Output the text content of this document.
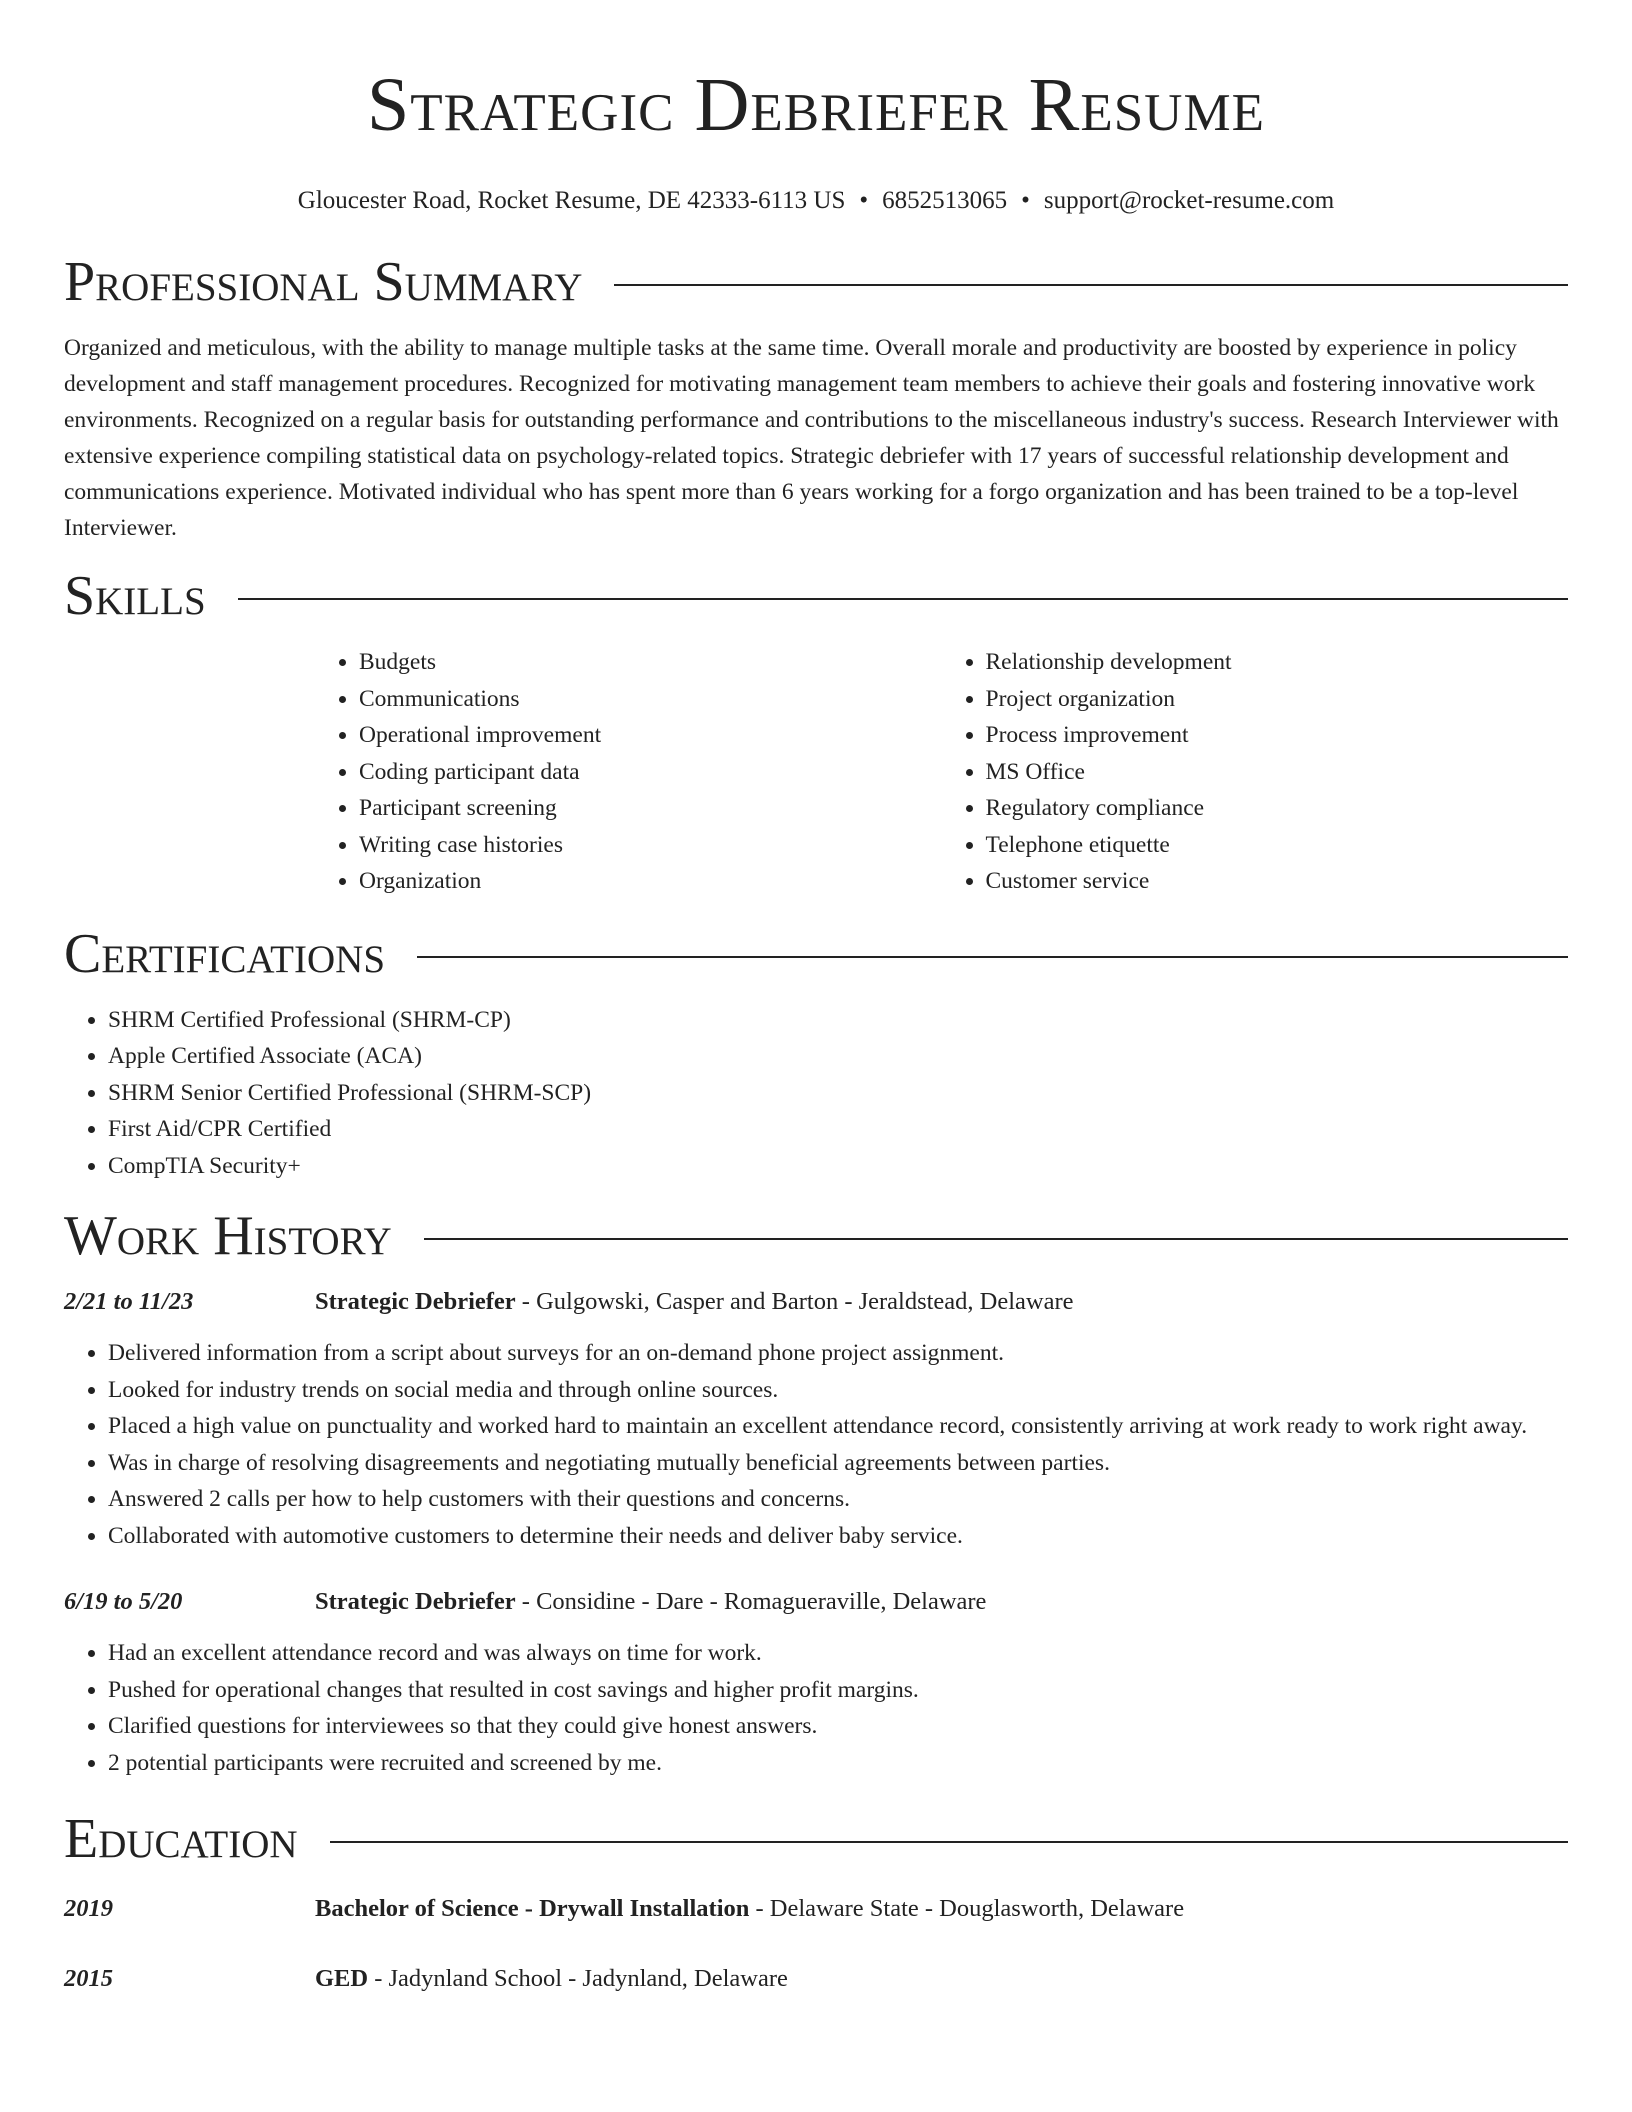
Strategic Debriefer Resume
Gloucester Road, Rocket Resume, DE 42333-6113 US • 6852513065 • support@rocket-resume.com
Professional Summary

Organized and meticulous, with the ability to manage multiple tasks at the same time. Overall morale and productivity are boosted by experience in policy development and staff management procedures. Recognized for motivating management team members to achieve their goals and fostering innovative work environments. Recognized on a regular basis for outstanding performance and contributions to the miscellaneous industry's success. Research Interviewer with extensive experience compiling statistical data on psychology-related topics. Strategic debriefer with 17 years of successful relationship development and communications experience. Motivated individual who has spent more than 6 years working for a forgo organization and has been trained to be a top-level Interviewer.

Skills
• Budgets
• Communications
• Operational improvement
• Coding participant data
• Participant screening
• Writing case histories
• Organization
• Relationship development
• Project organization
• Process improvement
• MS Office
• Regulatory compliance
• Telephone etiquette
• Customer service
Certifications
• SHRM Certified Professional (SHRM-CP)
• Apple Certified Associate (ACA)
• SHRM Senior Certified Professional (SHRM-SCP)
• First Aid/CPR Certified
• CompTIA Security+
Work History
2/21 to 11/23	Strategic Debriefer - Gulgowski, Casper and Barton - Jeraldstead, Delaware
• Delivered information from a script about surveys for an on-demand phone project assignment.
• Looked for industry trends on social media and through online sources.
• Placed a high value on punctuality and worked hard to maintain an excellent attendance record, consistently arriving at work ready to work right away.
• Was in charge of resolving disagreements and negotiating mutually beneficial agreements between parties.
• Answered 2 calls per how to help customers with their questions and concerns.
• Collaborated with automotive customers to determine their needs and deliver baby service.
6/19 to 5/20	Strategic Debriefer - Considine - Dare - Romagueraville, Delaware
• Had an excellent attendance record and was always on time for work.
• Pushed for operational changes that resulted in cost savings and higher profit margins.
• Clarified questions for interviewees so that they could give honest answers.
• 2 potential participants were recruited and screened by me.
Education
2019	Bachelor of Science - Drywall Installation - Delaware State - Douglasworth, Delaware
2015	GED - Jadynland School - Jadynland, Delaware
